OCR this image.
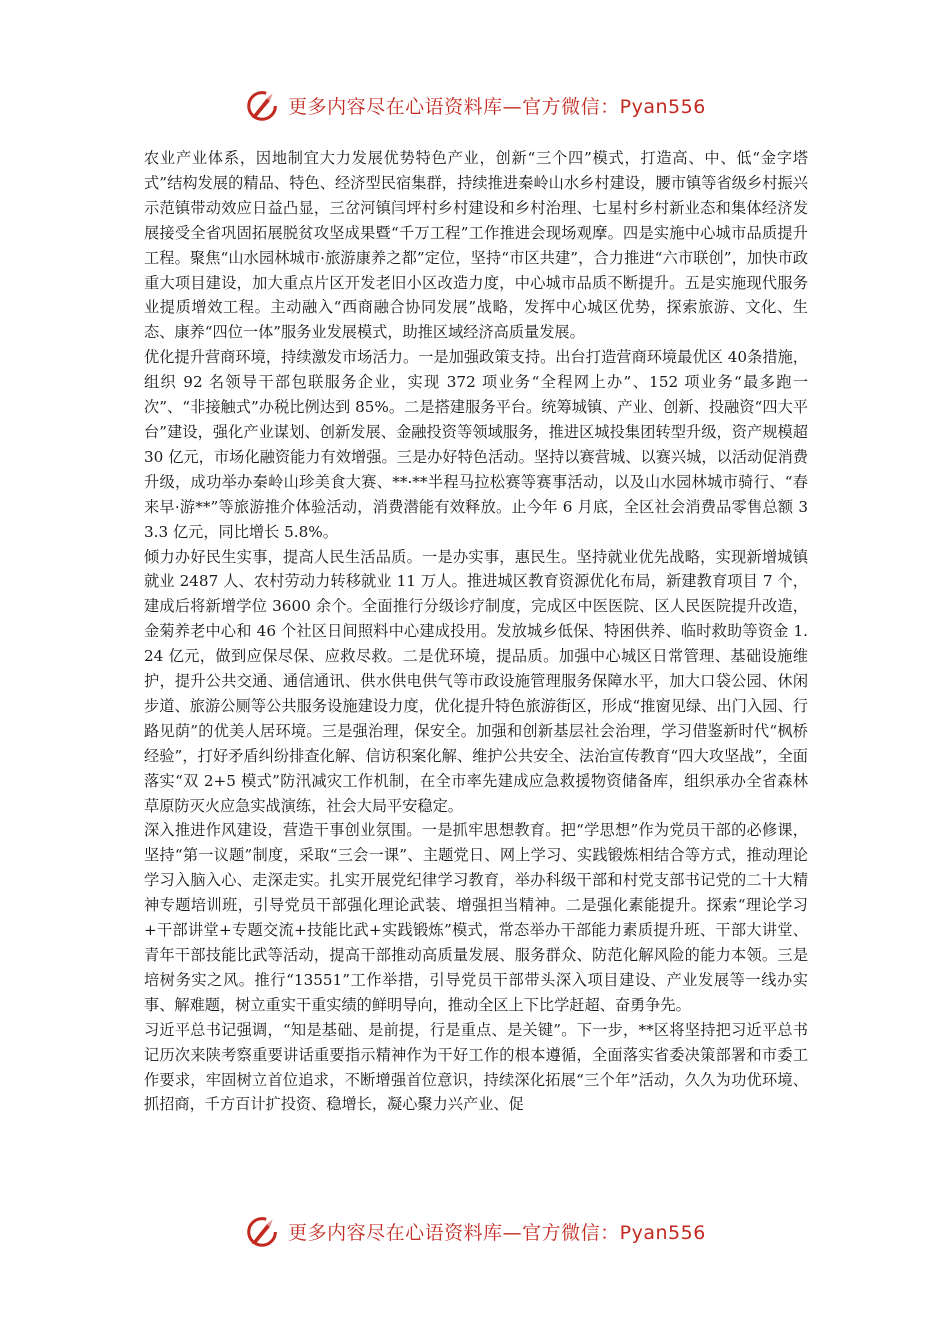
更多内容尽在心语资料库—官方微信：Pyan556

农业产业体系，因地制宜大力发展优势特色产业，创新“三个四”模式，打造高、中、低“金字塔式”结构发展的精品、特色、经济型民宿集群，持续推进秦岭山水乡村建设，腰市镇等省级乡村振兴示范镇带动效应日益凸显，三岔河镇闫坪村乡村建设和乡村治理、七星村乡村新业态和集体经济发展接受全省巩固拓展脱贫攻坚成果暨“千万工程”工作推进会现场观摩。四是实施中心城市品质提升工程。聚焦“山水园林城市·旅游康养之都”定位，坚持“市区共建”，合力推进“六市联创”，加快市政重大项目建设，加大重点片区开发老旧小区改造力度，中心城市品质不断提升。五是实施现代服务业提质增效工程。主动融入“西商融合协同发展”战略，发挥中心城区优势，探索旅游、文化、生态、康养“四位一体”服务业发展模式，助推区域经济高质量发展。

优化提升营商环境，持续激发市场活力。一是加强政策支持。出台打造营商环境最优区 40条措施，组织 92 名领导干部包联服务企业，实现 372 项业务“全程网上办”、152 项业务“最多跑一次”、“非接触式”办税比例达到 85%。二是搭建服务平台。统筹城镇、产业、创新、投融资“四大平台”建设，强化产业谋划、创新发展、金融投资等领域服务，推进区城投集团转型升级，资产规模超 30 亿元，市场化融资能力有效增强。三是办好特色活动。坚持以赛营城、以赛兴城，以活动促消费升级，成功举办秦岭山珍美食大赛、**·**半程马拉松赛等赛事活动，以及山水园林城市骑行、“春来早·游**”等旅游推介体验活动，消费潜能有效释放。止今年 6 月底，全区社会消费品零售总额 33.3 亿元，同比增长 5.8%。

倾力办好民生实事，提高人民生活品质。一是办实事，惠民生。坚持就业优先战略，实现新增城镇就业 2487 人、农村劳动力转移就业 11 万人。推进城区教育资源优化布局，新建教育项目 7 个，建成后将新增学位 3600 余个。全面推行分级诊疗制度，完成区中医医院、区人民医院提升改造，金菊养老中心和 46 个社区日间照料中心建成投用。发放城乡低保、特困供养、临时救助等资金 1.24 亿元，做到应保尽保、应救尽救。二是优环境，提品质。加强中心城区日常管理、基础设施维护，提升公共交通、通信通讯、供水供电供气等市政设施管理服务保障水平，加大口袋公园、休闲步道、旅游公厕等公共服务设施建设力度，优化提升特色旅游街区，形成“推窗见绿、出门入园、行路见荫”的优美人居环境。三是强治理，保安全。加强和创新基层社会治理，学习借鉴新时代“枫桥经验”，打好矛盾纠纷排查化解、信访积案化解、维护公共安全、法治宣传教育“四大攻坚战”，全面落实“双 2+5 模式”防汛减灾工作机制，在全市率先建成应急救援物资储备库，组织承办全省森林草原防灭火应急实战演练，社会大局平安稳定。

深入推进作风建设，营造干事创业氛围。一是抓牢思想教育。把“学思想”作为党员干部的必修课，坚持“第一议题”制度，采取“三会一课”、主题党日、网上学习、实践锻炼相结合等方式，推动理论学习入脑入心、走深走实。扎实开展党纪律学习教育，举办科级干部和村党支部书记党的二十大精神专题培训班，引导党员干部强化理论武装、增强担当精神。二是强化素能提升。探索“理论学习+干部讲堂+专题交流+技能比武+实践锻炼”模式，常态举办干部能力素质提升班、干部大讲堂、青年干部技能比武等活动，提高干部推动高质量发展、服务群众、防范化解风险的能力本领。三是培树务实之风。推行“13551”工作举措，引导党员干部带头深入项目建设、产业发展等一线办实事、解难题，树立重实干重实绩的鲜明导向，推动全区上下比学赶超、奋勇争先。

习近平总书记强调，“知是基础、是前提，行是重点、是关键”。下一步，**区将坚持把习近平总书记历次来陕考察重要讲话重要指示精神作为干好工作的根本遵循，全面落实省委决策部署和市委工作要求，牢固树立首位追求，不断增强首位意识，持续深化拓展“三个年”活动，久久为功优环境、抓招商，千方百计扩投资、稳增长，凝心聚力兴产业、促

更多内容尽在心语资料库—官方微信：Pyan556
